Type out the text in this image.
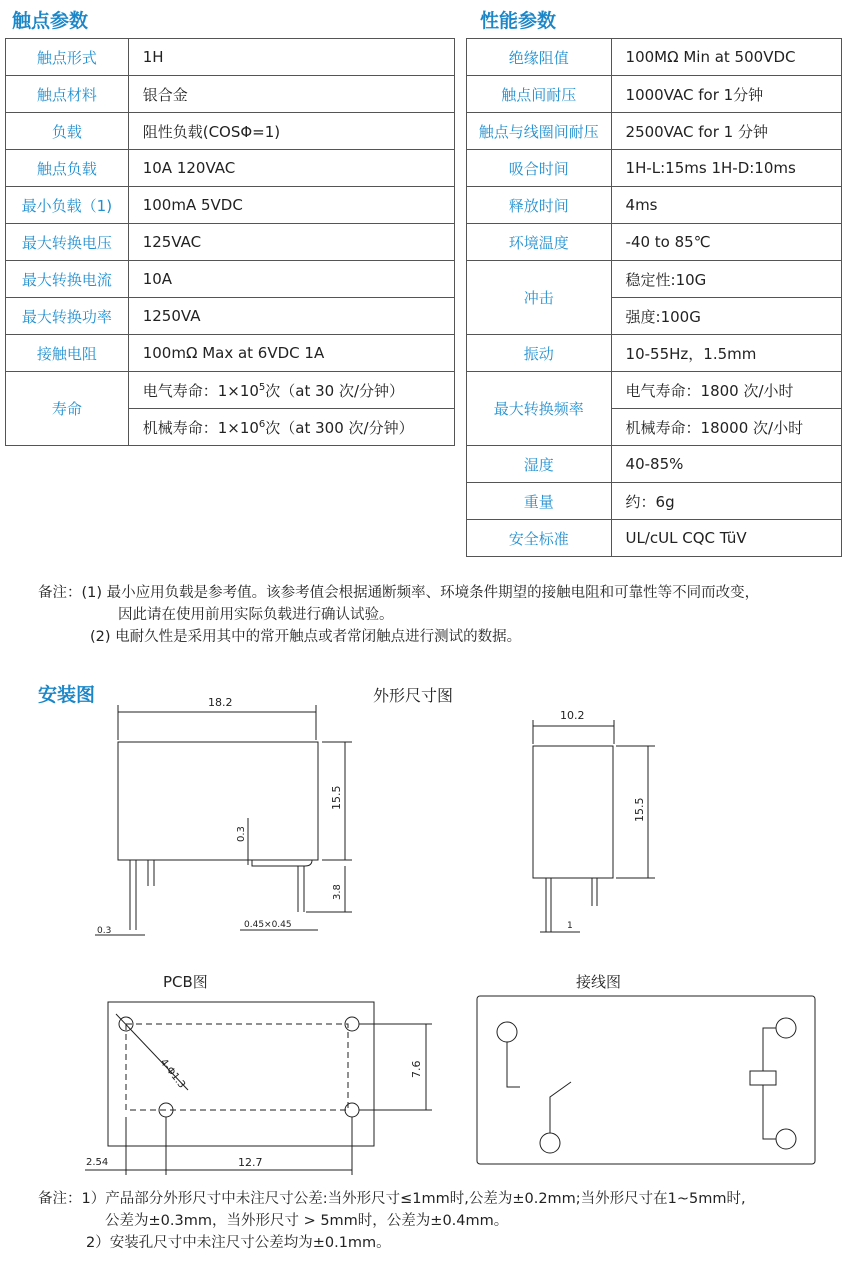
触点参数
触点形式	1H
触点材料	银合金
负载	阻性负载(COSΦ=1)
触点负载	10A 120VAC
最小负载（1)	100mA 5VDC
最大转换电压	125VAC
最大转换电流	10A
最大转换功率	1250VA
接触电阻	100mΩ Max at 6VDC 1A
寿命	电气寿命：$1\times 10^5$次（at 30 次/分钟）
	机械寿命：$1\times 10^6$次（at 300 次/分钟）
性能参数
绝缘阻值	100MΩ Min at 500VDC
触点间耐压	1000VAC for 1分钟
触点与线圈间耐压	2500VAC for 1 分钟
吸合时间	1H-L:15ms 1H-D:10ms
释放时间	4ms
环境温度	-40 to 85℃
冲击	稳定性:10G
	强度:100G
振动	10-55Hz，1.5mm
最大转换频率	电气寿命：1800 次/小时
	机械寿命：18000 次/小时
湿度	40-85%
重量	约：6g
安全标准	UL/cUL CQC TüV
备注： (1) 最小应用负载是参考值。该参考值会根据通断频率、环境条件期望的接触电阻和可靠性等不同而改变，
因此请在使用前用实际负载进行确认试验。
(2) 电耐久性是采用其中的常开触点或者常闭触点进行测试的数据。
安装图	外形尺寸图
18.2
15.5
0.3
3.8
0.3
0.45×0.45
10.2
15.5
1
PCB图
4-Φ1.3	7.6
2.54	12.7
接线图
备注： 1）产品部分外形尺寸中未注尺寸公差:当外形尺寸≤1mm时,公差为±0.2mm;当外形尺寸在1~5mm时,
公差为±0.3mm，当外形尺寸 > 5mm时，公差为±0.4mm。
2）安装孔尺寸中未注尺寸公差均为±0.1mm。
